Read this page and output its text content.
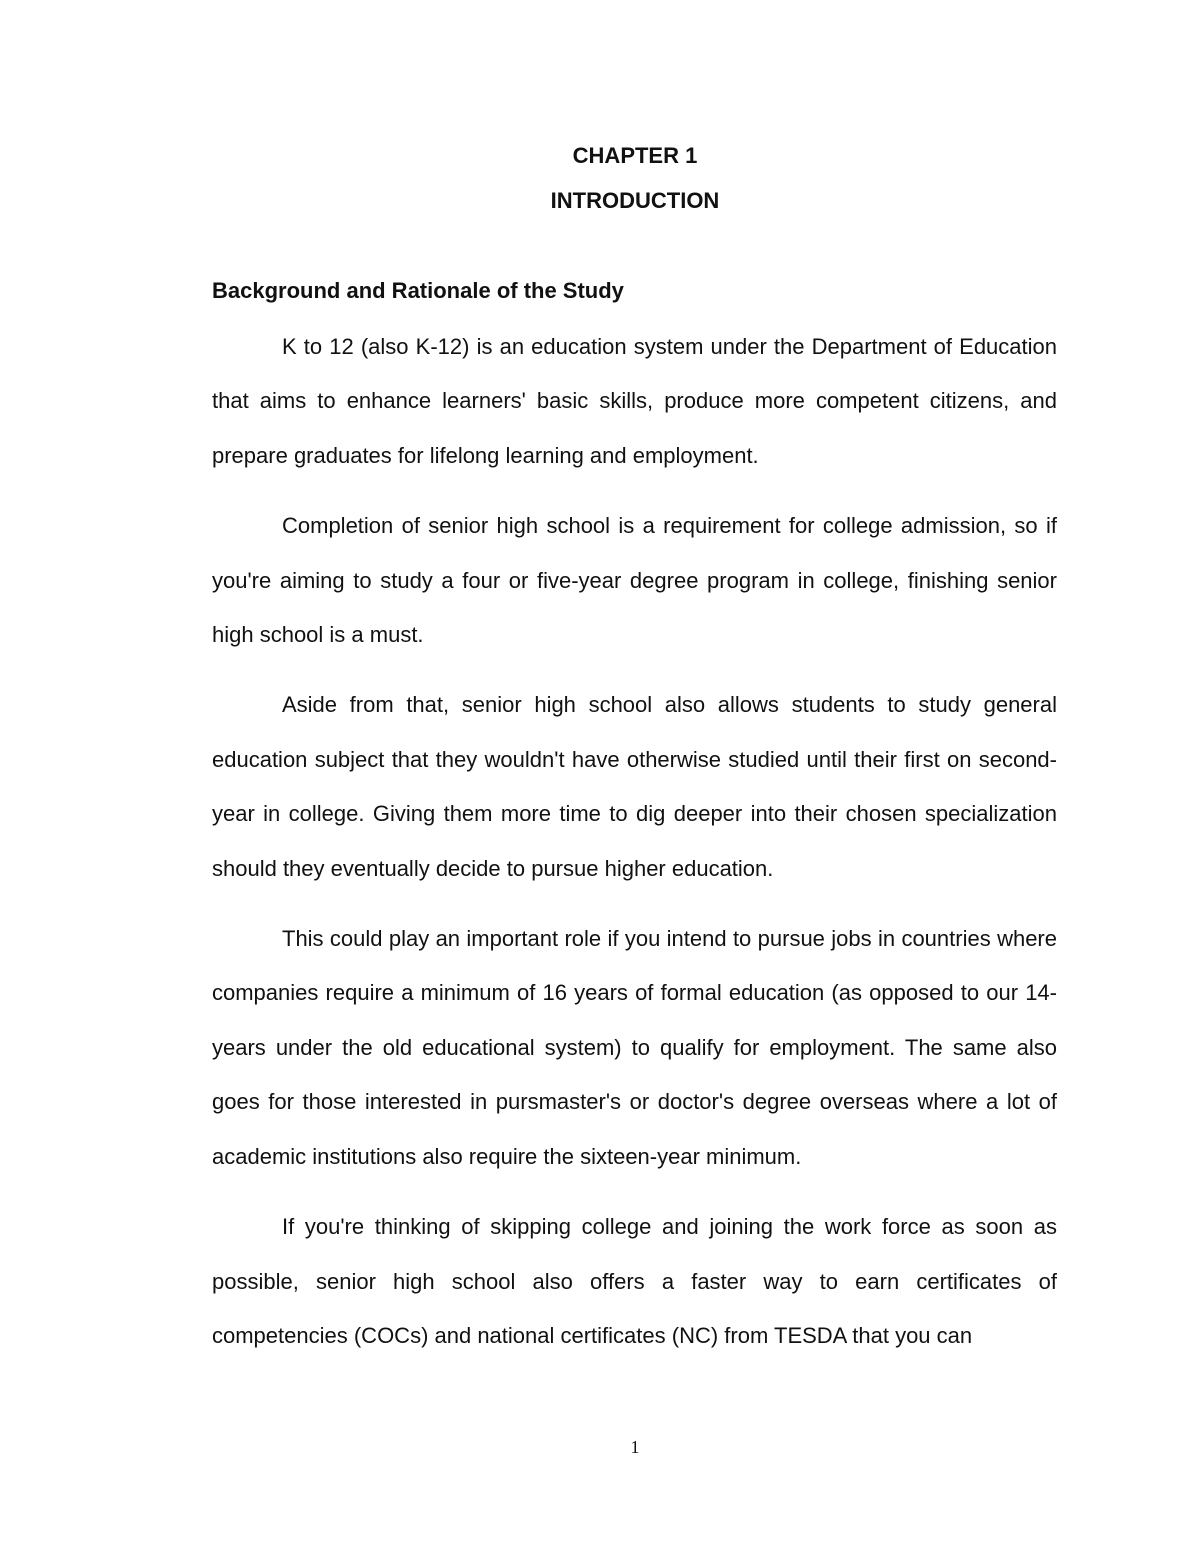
CHAPTER 1
INTRODUCTION
Background and Rationale of the Study

K to 12 (also K-12) is an education system under the Department of Education that aims to enhance learners' basic skills, produce more competent citizens, and prepare graduates for lifelong learning and employment.

Completion of senior high school is a requirement for college admission, so if you're aiming to study a four or five-year degree program in college, finishing senior high school is a must.

Aside from that, senior high school also allows students to study general education subject that they wouldn't have otherwise studied until their first on second-year in college. Giving them more time to dig deeper into their chosen specialization should they eventually decide to pursue higher education.

This could play an important role if you intend to pursue jobs in countries where companies require a minimum of 16 years of formal education (as opposed to our 14-years under the old educational system) to qualify for employment. The same also goes for those interested in pursmaster's or doctor's degree overseas where a lot of academic institutions also require the sixteen-year minimum.

If you're thinking of skipping college and joining the work force as soon as possible, senior high school also offers a faster way to earn certificates of competencies (COCs) and national certificates (NC) from TESDA that you can

1
